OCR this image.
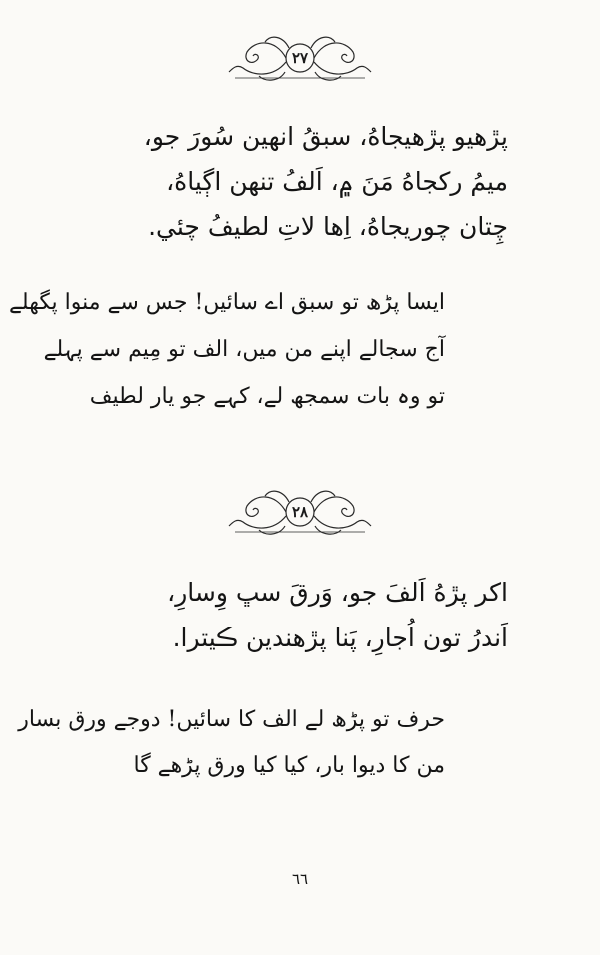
٢٧
پڙهيو پڙهيجاهُ، سبقُ انهين سُورَ جو،
ميمُ رکجاهُ مَنَ ۾، اَلفُ تنهن اڳياهُ،
چِتان چوريجاهُ، اِها لاتِ لطيفُ چئي.
ایسا پڑھ تو سبق اے سائیں! جس سے منوا پگھلے
آج سجالے اپنے من میں، الف تو مِیم سے پہلے
تو وہ بات سمجھ لے، کہے جو یار لطیف
٢٨
اکر پڙهُ اَلفَ جو، وَرقَ سڀ وِسارِ،
اَندرُ تون اُجارِ، پَنا پڙهندين ڪيترا.
حرف تو پڑھ لے الف کا سائیں! دوجے ورق بسار
من کا دیوا بار، کیا کیا ورق پڑھے گا
٦٦
